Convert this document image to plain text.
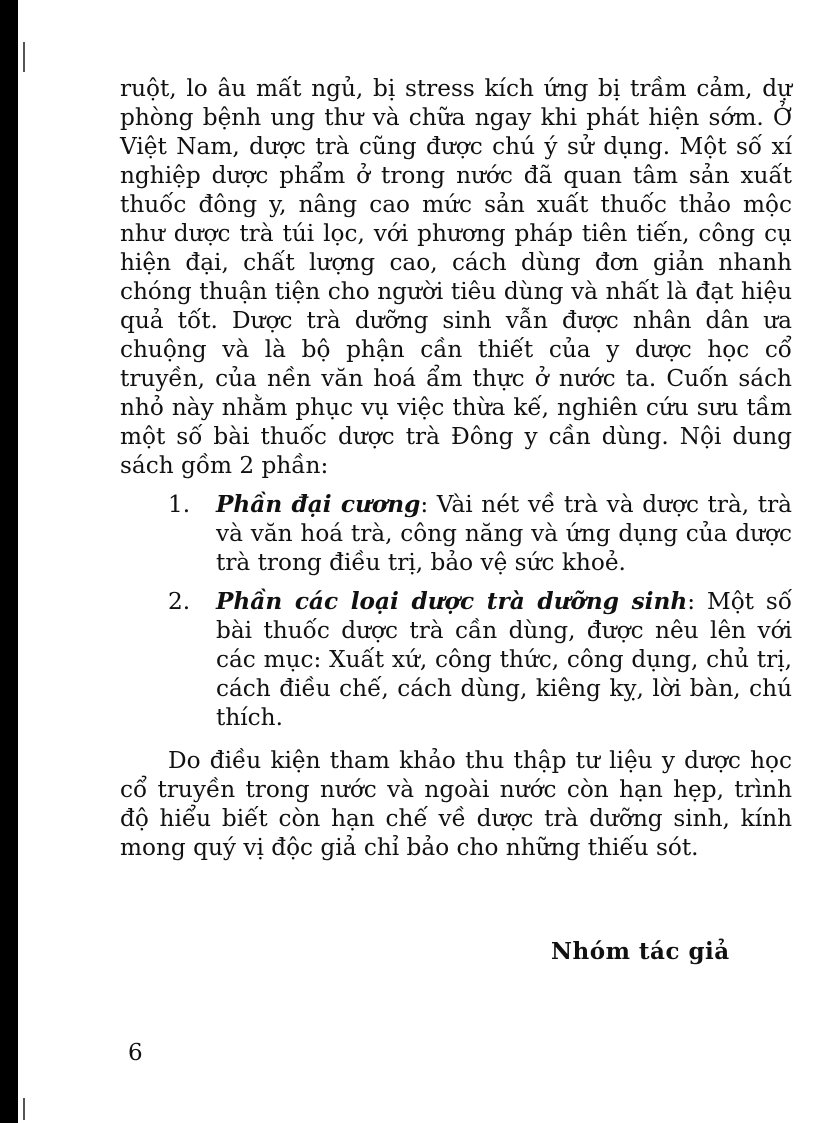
ruột, lo âu mất ngủ, bị stress kích ứng bị trầm cảm, dự phòng bệnh ung thư và chữa ngay khi phát hiện sớm. Ở Việt Nam, dược trà cũng được chú ý sử dụng. Một số xí nghiệp dược phẩm ở trong nước đã quan tâm sản xuất thuốc đông y, nâng cao mức sản xuất thuốc thảo mộc như dược trà túi lọc, với phương pháp tiên tiến, công cụ hiện đại, chất lượng cao, cách dùng đơn giản nhanh chóng thuận tiện cho người tiêu dùng và nhất là đạt hiệu quả tốt. Dược trà dưỡng sinh vẫn được nhân dân ưa chuộng và là bộ phận cần thiết của y dược học cổ truyền, của nền văn hoá ẩm thực ở nước ta. Cuốn sách nhỏ này nhằm phục vụ việc thừa kế, nghiên cứu sưu tầm một số bài thuốc dược trà Đông y cần dùng. Nội dung sách gồm 2 phần:

1. Phần đại cương: Vài nét về trà và dược trà, trà và văn hoá trà, công năng và ứng dụng của dược trà trong điều trị, bảo vệ sức khoẻ.
2. Phần các loại dược trà dưỡng sinh: Một số bài thuốc dược trà cần dùng, được nêu lên với các mục: Xuất xứ, công thức, công dụng, chủ trị, cách điều chế, cách dùng, kiêng kỵ, lời bàn, chú thích.

Do điều kiện tham khảo thu thập tư liệu y dược học cổ truyền trong nước và ngoài nước còn hạn hẹp, trình độ hiểu biết còn hạn chế về dược trà dưỡng sinh, kính mong quý vị độc giả chỉ bảo cho những thiếu sót.

Nhóm tác giả
6
